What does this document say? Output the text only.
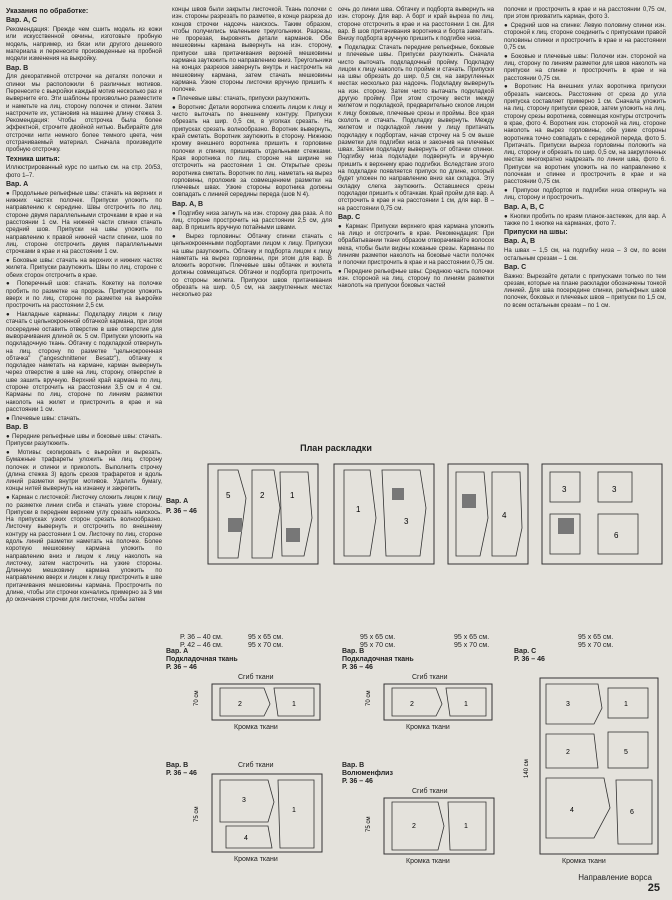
Указания по обработке:

Вар. A, C

Рекомендация: Прежде чем сшить модель из кожи или искусственной овчины, изготовьте пробную модель, например, из бязи или другого дешевого материала и перенесите произведенные на пробной модели изменения на выкройку.

Вар. B

Для декоративной отстрочки на деталях полочки и спинки мы расположили 6 различных мотивов. Перенесите с выкройки каждый мотив несколько раз и выверните его. Эти шаблоны произвольно разместите и наметьте на лиц. сторону полочек и спинки. Затем настрочите их, установив на машине длину стежка 3. Рекомендация: Чтобы отстрочка была более эффектной, строчите двойной нитью. Выбирайте для отстрочки нити немного более темного цвета, чем отстрачиваемый материал. Сначала произведите пробную отстрочку.

Техника шитья:

Иллюстрированный курс по шитью см. на стр. 20/53, фото 1–7.

Вар. A

● Продольные рельефные швы: стачать на верхних и нижних частях полочек. Припуски уложить по направлению к середине. Швы отстрочить по лиц. стороне двумя параллельными строчками в крае и на расстоянии 1 см. На нижней части спинки стачать средний шов. Припуски на швы уложить по направлению к правой нижней части спинки, шов по лиц. стороне отстрочить двумя параллельными строчками в крае и на расстоянии 1 см.

● Боковые швы: стачать на верхних и нижних частях жилета. Припуски разутюжить. Швы по лиц. стороне с обеих сторон отстрочить в крае.

● Поперечный шов: стачать. Кокетку на полочке пробить по разметке на прорезь. Припуски уложить вверх и по лиц. стороне по разметке на выкройке прострочить на расстоянии 2,5 см.

● Накладные карманы: Подкладку лицом к лицу стачать с цельнокроенной обтачкой кармана, при этом посередине оставить отверстие в шве отверстие для выворачивания длиной ок. 5 см. Припуски уложить на подкладочную ткань. Обтачку с подкладкой отвернуть на лиц. сторону по разметке "цельнокроенная обтачка" ("angeschnittener Besatz"), обтачку к подкладке наметать на кармане, карман вывернуть через отверстие в шве на лиц. сторону, отверстие в шве зашить вручную. Верхний край кармана по лиц. стороне отстрочить на расстоянии 3,5 см и 4 см. Карманы по лиц. стороне по линиям разметки наколоть на жилет и пристрочить в крае и на расстоянии 1 см.

● Плечевые швы: стачать.

Вар. B

● Передние рельефные швы и боковые швы: стачать. Припуски разутюжить.

● Мотивы: скопировать с выкройки и вырезать. Бумажные трафареты уложить на лиц. сторону полочек и спинки и приколоть. Выполнить строчку (длина стежка 3) вдоль срезов трафаретов и вдоль линий разметки внутри мотивов. Удалить бумагу, концы нитей вывернуть на изнанку и закрепить.

● Карман с листочкой: Листочку сложить лицом к лицу по разметке линии сгиба и стачать узкие стороны. Припуски в переднем верхнем углу срезать наискось. На припусках узких сторон срезать волнообразно. Листочку вывернуть и отстрочить по внешнему контуру на расстоянии 1 см. Листочку по лиц. стороне вдоль линий разметки наметать на полочке. Более короткую мешковину кармана уложить по направлению вниз и лицом к лицу наколоть на листочку, затем настрочить на узкие стороны. Длинную мешковину кармана уложить по направлению вверх и лицом к лицу пристрочить в шве притачивания мешковины кармана. Прострочить по длине, чтобы эти строчки кончались примерно за 3 мм до окончания строчки для листочки, чтобы затем

концы швов были закрыты листочкой. Ткань полочки с изн. стороны разрезать по разметке, в конце разреза до концов строчки надсечь наискось. Таким образом, чтобы получились маленькие треугольники. Разрезы, не прорезая, выровнять детали карманов. Обе мешковины кармана вывернуть на изн. сторону, припуски шва притачивания верхней мешковины кармана заутюжить по направлению вниз. Треугольники на концах разрезов завернуть внутрь и настрочить на мешковину кармана, затем стачать мешковины кармана. Узкие стороны листочки вручную пришить к полочке.

● Плечевые швы: стачать, припуски разутюжить.

● Воротник: Детали воротника сложить лицом к лицу и чисто выточать по внешнему контуру. Припуски обрезать на шир. 0,5 см, в уголках срезать. На припусках срезать волнообразно. Воротник вывернуть, край сметать. Воротник заутюжить в сторону. Нижнюю кромку внешнего воротника пришить к горловине полочки и спинки, пришивать отдельными стежками. Края воротника по лиц. стороне на ширине не отстрочить на расстоянии 1 см. Открытые срезы воротника сметать. Воротник по лиц. наметать на вырез горловины, проложив за совмещением разметки на плечевых швах. Узкие стороны воротника должны совпадать с линией середины переда (шов N 4).

Вар. A, B

● Подгибку низа загнуть на изн. сторону два раза. A по лиц. стороне прострочить на расстоянии 2,5 см, для вар. B пришить вручную потайными швами.

● Вырез горловины: Обтачку спинки стачать с цельнокроенными подбортами лицом к лицу. Припуски на швы разутюжить. Обтачку и подборта лицом к лицу наметать на вырез горловины, при этом для вар. B вложить воротник. Плечевые швы обтачек и жилета должны совмещаться. Обтачки и подборта притрочить со стороны жилета. Припуски швов притачивания обрезать на шир. 0,5 см, на закругленных местах несколько раз

сечь до линии шва. Обтачку и подборта вывернуть на изн. сторону. Для вар. A борт и край выреза по лиц. стороне отстрочить в крае и на расстоянии 1 см. Для вар. B шов притачивания воротника и борта заметать. Внизу подборта вручную пришить к подгибке низа.

● Подкладка: Стачать передние рельефные, боковые и плечевые швы. Припуски разутюжить. Сначала чисто выточать подкладочный пройму. Подкладку лицом к лицу наколоть по пройме и стачать. Припуски на швы обрезать до шир. 0,5 см, на закругленных местах несколько раз надсечь. Подкладку вывернуть на изн. сторону. Затем чисто вытачать подкладкой другую пройму. При этом строчку вести между жилетом и подкладкой, предварительно сколов лицом к лицу боковые, плечевые срезы и проймы. Все края сколоть и стачать. Подкладку вывернуть. Между жилетом и подкладкой линии у лицу притачать подкладку к подбортам, начав строчку на 5 см выше разметки для подгибки низа и закончив на плечевых швах. Затем подкладку вывернуть от обтачки спинки. Подгибку низа подкладки подвернуть и вручную пришить к верхнему краю подгибки. Вследствие этого на подкладке появляется припуск по длине, который будет уложен по направлению вниз как складка. Эту складку слегка заутюжить. Оставшиеся срезы подкладки пришить к обтачкам. Край пройм для вар. A отстрочить в крае и на расстоянии 1 см, для вар. B – на расстоянии 0,75 см.

Вар. C

● Карман: Припуски верхнего края кармана уложить на лицо и отстрочить в крае. Рекомендация: При обрабатывании ткани образом отворачивайте волосок меха, чтобы были видны кожаные срезы. Карманы по линиям разметки наколоть на боковые части полочек и полочки пристрочить в крае и на расстоянии 0,75 см.

● Передние рельефные швы: Среднюю часть полочки изн. стороной на лиц. сторону по линиям разметки наколоть на припуски боковых частей

полочки и прострочить в крае и на расстоянии 0,75 см, при этом прихватить карман, фото 3.

● Средний шов на спинке: Левую половину спинки изн. стороной к лиц. стороне соединить с припусками правой половины спинки и прострочить в крае и на расстоянии 0,75 см.

● Боковые и плечевые швы: Полочки изн. стороной на лиц. сторону по линиям разметки для швов наколоть на припуски на спинке и прострочить в крае и на расстоянии 0,75 см.

● Воротник: На внешних углах воротника припуски обрезать наискось. Расстояние от среза до угла припуска составляет примерно 1 см. Сначала уложить на лиц. сторону припуски срезов, затем уложить на лиц. сторону срезы воротника, совмещая контуры отстрочить в крае, фото 4. Воротник изн. стороной на лиц. стороне наколоть на вырез горловины, обе узкие стороны воротника точно совпадать с серединой переда, фото 5. Притачать. Припуски выреза горловины положить на лиц. сторону и обрезать по шир. 0,5 см, на закругленных местах многократно надрезать по линии шва, фото 6. Припуски на воротник уложить на по направлению к полочкам и спинке и прострочить в крае и на расстоянии 0,75 см.

● Припуски подбортов и подгибки низа отвернуть на лиц. сторону и прострочить.

Вар. A, B, C

● Кнопки пробить по краям планок-застежек, для вар. A также по 1 кнопке на карманах, фото 7.

Припуски на швы:

Вар. A, B

На швах – 1,5 см, на подгибку низа – 3 см, по всем остальным срезам – 1 см.

Вар. C

Важно: Вырезайте детали с припусками только по тем срезам, которые на плане раскладки обозначены тонкой линией. Для шва посередине спинки, рельефных швов полочек, боковых и плечевых швов – припуски по 1,5 см, по всем остальным срезам – по 1 см.

План раскладки
Вар. A
Р. 36 – 46
2	1
5
Р. 36 – 40 см.
Р. 42 – 46 см.
95 х 65 см.
95 х 70 см.
1
3
95 х 65 см.
95 х 70 см.
4
95 х 65 см.
95 х 70 см.
3	3
6
95 х 65 см.
95 х 70 см.
Вар. A
Подкладочная ткань
Р. 36 – 46
Сгиб ткани
2	1
70 см
Кромка ткани
Вар. B
Подкладочная ткань
Р. 36 – 46
Сгиб ткани
2	1
70 см
Кромка ткани
Вар. B
Р. 36 – 46
Сгиб ткани
3
4
1
75 см
Кромка ткани
Вар. B
Волюменфлиз
Р. 36 – 46
Сгиб ткани
2	1
75 см
Кромка ткани
Вар. C
Р. 36 – 46
3	1
2	5
4	6
140 см
Кромка ткани
Направление ворса
25
